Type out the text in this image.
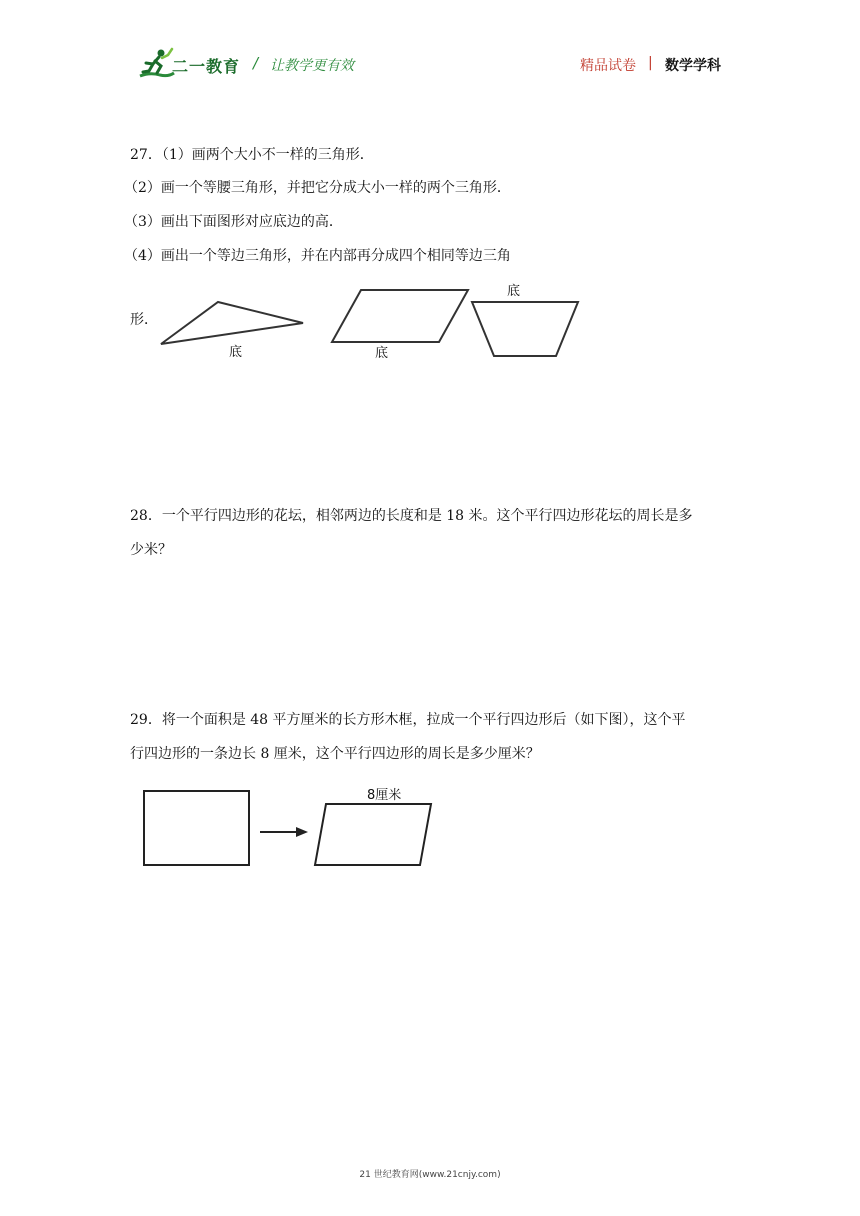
二一教育 / 让教学更有效	精品试卷 | 数学学科
27．（1）画两个大小不一样的三角形．
（2）画一个等腰三角形，并把它分成大小一样的两个三角形．
（3）画出下面图形对应底边的高．
（4）画出一个等边三角形，并在内部再分成四个相同等边三角
形．
底	底
底
28．一个平行四边形的花坛，相邻两边的长度和是 18 米。这个平行四边形花坛的周长是多
少米？
29．将一个面积是 48 平方厘米的长方形木框，拉成一个平行四边形后（如下图），这个平
行四边形的一条边长 8 厘米，这个平行四边形的周长是多少厘米？
8厘米
21 世纪教育网(www.21cnjy.com)
